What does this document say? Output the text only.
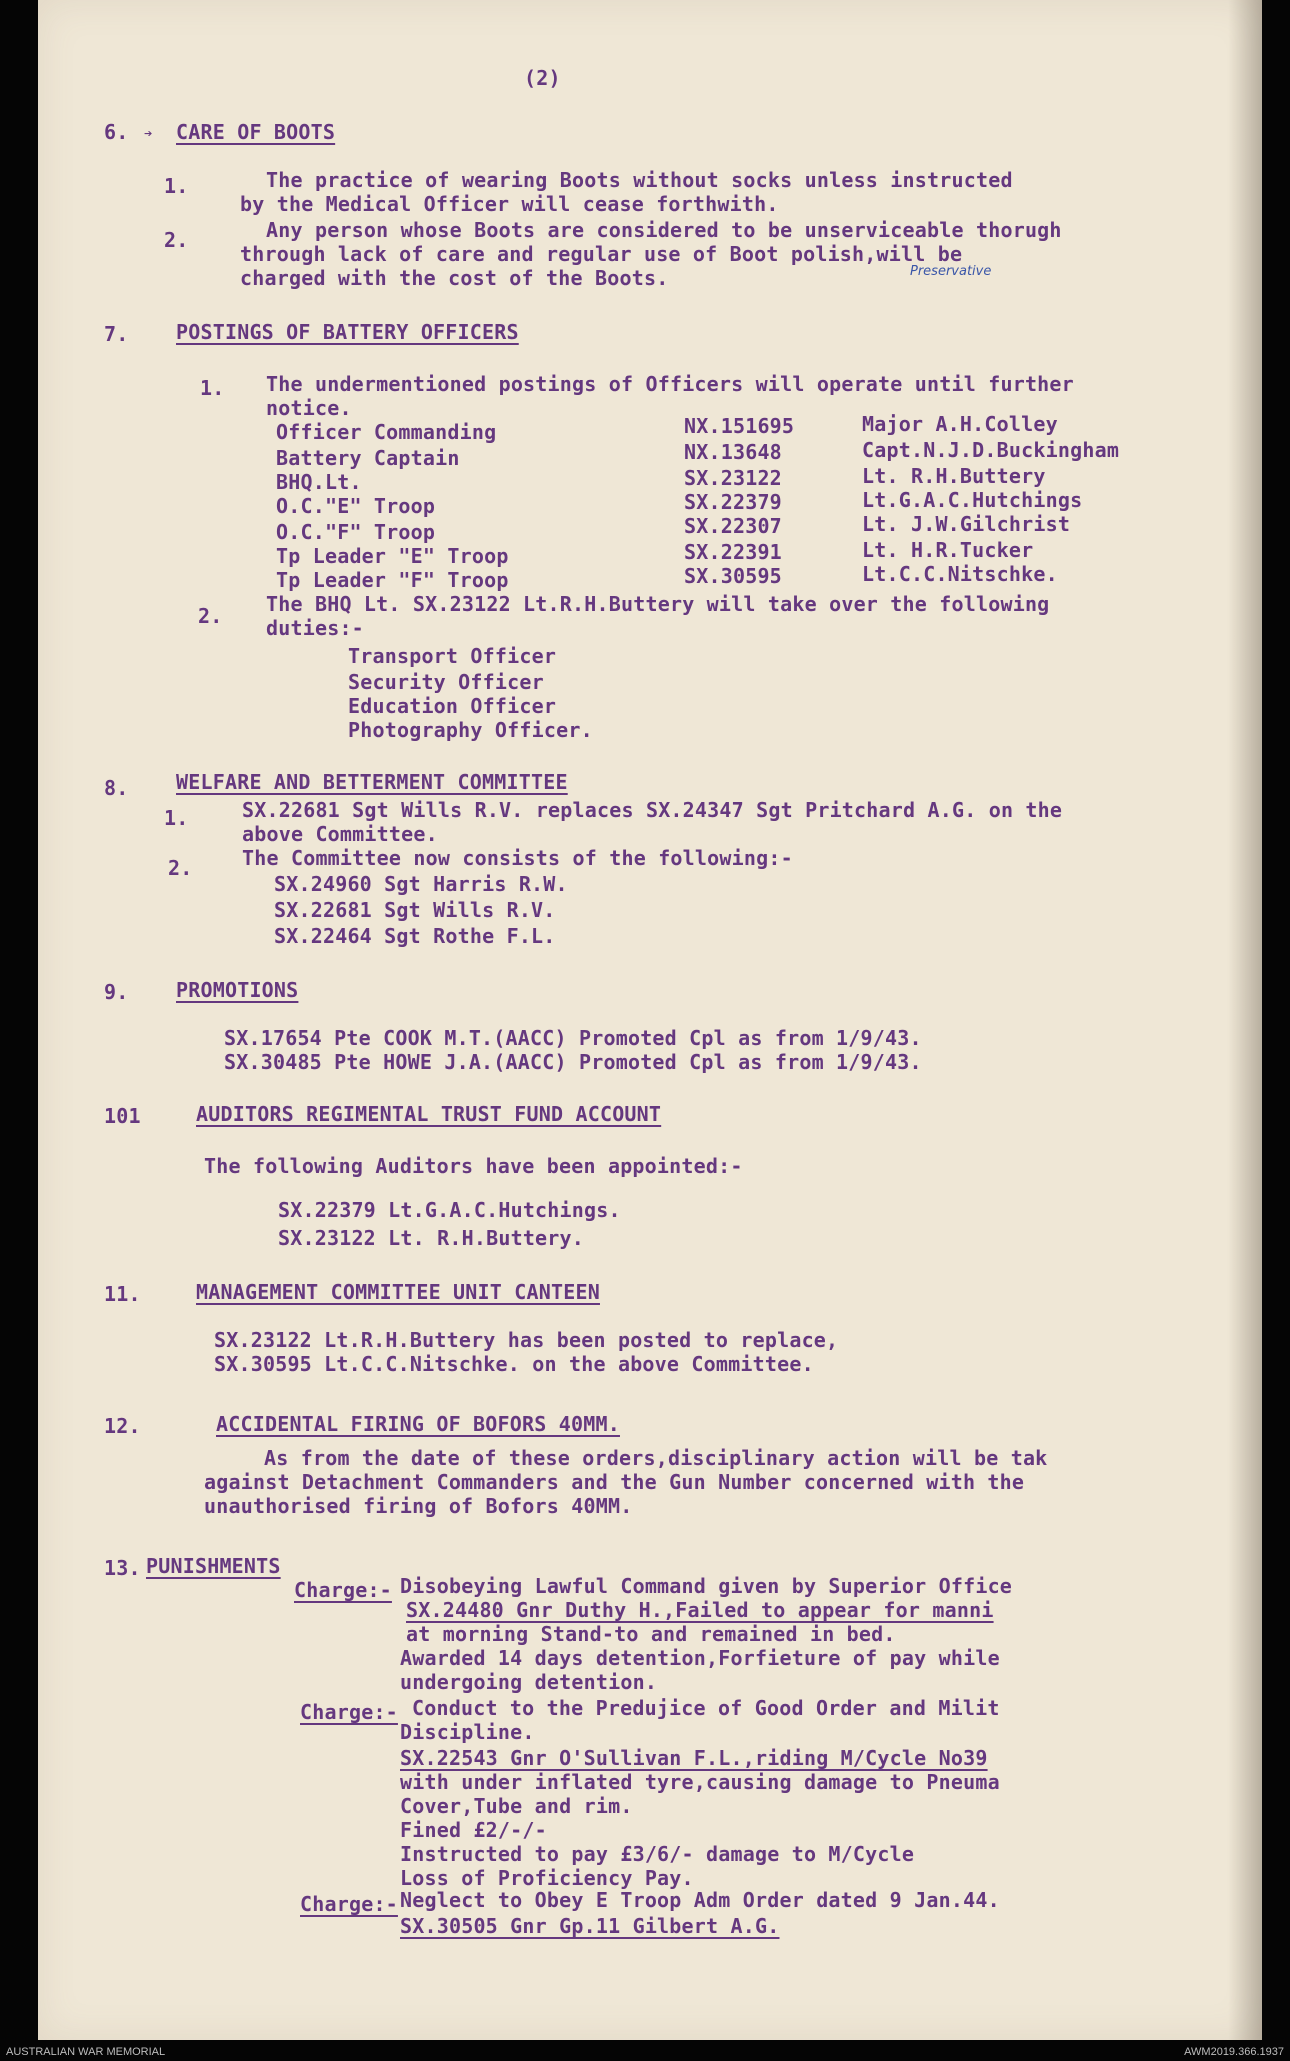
(2)
6. ➔ CARE OF BOOTS
1.	The practice of wearing Boots without socks unless instructed
by the Medical Officer will cease forthwith.
2.	Any person whose Boots are considered to be unserviceable thorugh
through lack of care and regular use of Boot polish,will be
charged with the cost of the Boots.	Preservative
7. POSTINGS OF BATTERY OFFICERS
1. The undermentioned postings of Officers will operate until further
notice.
Officer Commanding	NX.151695	Major A.H.Colley
Battery Captain	NX.13648	Capt.N.J.D.Buckingham
BHQ.Lt.	SX.23122	Lt. R.H.Buttery
O.C."E" Troop	SX.22379	Lt.G.A.C.Hutchings
O.C."F" Troop	SX.22307	Lt. J.W.Gilchrist
Tp Leader "E" Troop	SX.22391	Lt. H.R.Tucker
Tp Leader "F" Troop	SX.30595	Lt.C.C.Nitschke.
2. The BHQ Lt. SX.23122 Lt.R.H.Buttery will take over the following
duties:-
Transport Officer
Security Officer
Education Officer
Photography Officer.
8. WELFARE AND BETTERMENT COMMITTEE
1.	SX.22681 Sgt Wills R.V. replaces SX.24347 Sgt Pritchard A.G. on the
above Committee.
2. The Committee now consists of the following:-
SX.24960 Sgt Harris R.W.
SX.22681 Sgt Wills R.V.
SX.22464 Sgt Rothe F.L.
9. PROMOTIONS
SX.17654 Pte COOK M.T.(AACC) Promoted Cpl as from 1/9/43.
SX.30485 Pte HOWE J.A.(AACC) Promoted Cpl as from 1/9/43.
101	AUDITORS REGIMENTAL TRUST FUND ACCOUNT
The following Auditors have been appointed:-
SX.22379 Lt.G.A.C.Hutchings.
SX.23122 Lt. R.H.Buttery.
11.	MANAGEMENT COMMITTEE UNIT CANTEEN
SX.23122 Lt.R.H.Buttery has been posted to replace,
SX.30595 Lt.C.C.Nitschke. on the above Committee.
12.	ACCIDENTAL FIRING OF BOFORS 40MM.
As from the date of these orders,disciplinary action will be tak
against Detachment Commanders and the Gun Number concerned with the
unauthorised firing of Bofors 40MM.
13. PUNISHMENTS
Charge:- Disobeying Lawful Command given by Superior Office
SX.24480 Gnr Duthy H.,Failed to appear for manni
at morning Stand-to and remained in bed.
Awarded 14 days detention,Forfieture of pay while
undergoing detention.
Charge:- Conduct to the Predujice of Good Order and Milit
Discipline.
SX.22543 Gnr O'Sullivan F.L.,riding M/Cycle No39
with under inflated tyre,causing damage to Pneuma
Cover,Tube and rim.
Fined £2/-/-
Instructed to pay £3/6/- damage to M/Cycle
Loss of Proficiency Pay.
Charge:- Neglect to Obey E Troop Adm Order dated 9 Jan.44.
SX.30505 Gnr Gp.11 Gilbert A.G.
AUSTRALIAN WAR MEMORIAL	AWM2019.366.1937
